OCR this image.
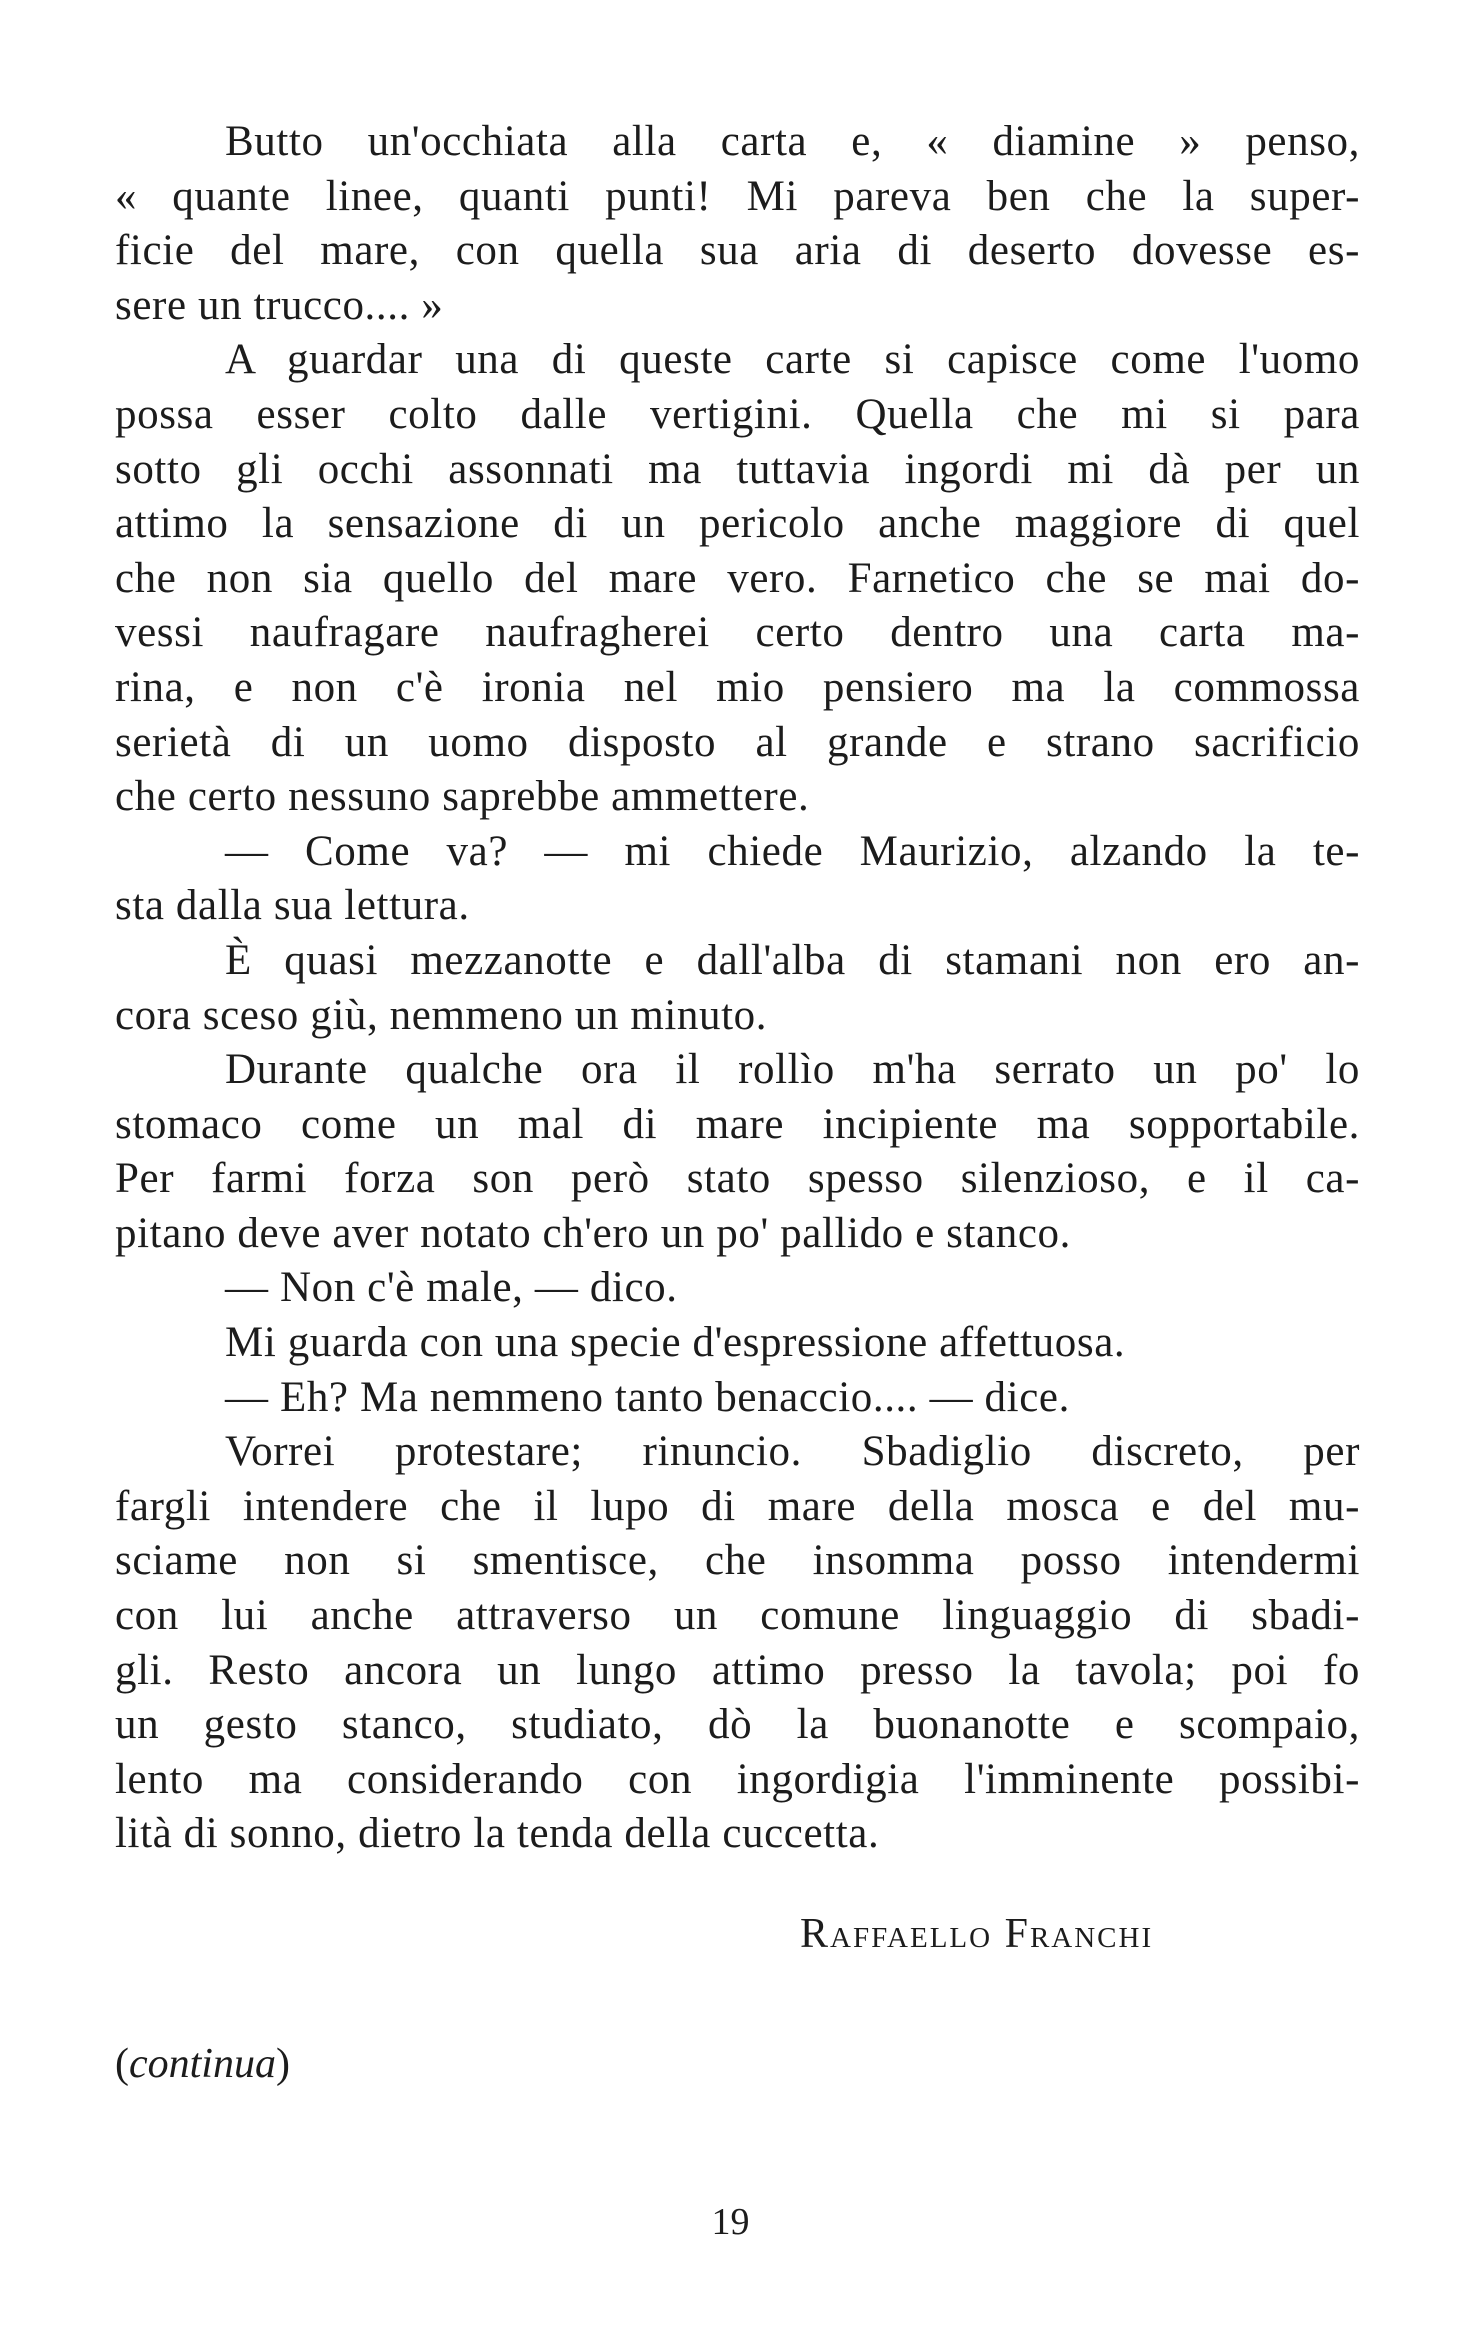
Butto un'occhiata alla carta e, « diamine » penso,
« quante linee, quanti punti! Mi pareva ben che la super-
ficie del mare, con quella sua aria di deserto dovesse es-
sere un trucco.... »
A guardar una di queste carte si capisce come l'uomo
possa esser colto dalle vertigini. Quella che mi si para
sotto gli occhi assonnati ma tuttavia ingordi mi dà per un
attimo la sensazione di un pericolo anche maggiore di quel
che non sia quello del mare vero. Farnetico che se mai do-
vessi naufragare naufragherei certo dentro una carta ma-
rina, e non c'è ironia nel mio pensiero ma la commossa
serietà di un uomo disposto al grande e strano sacrificio
che certo nessuno saprebbe ammettere.
— Come va? — mi chiede Maurizio, alzando la te-
sta dalla sua lettura.
È quasi mezzanotte e dall'alba di stamani non ero an-
cora sceso giù, nemmeno un minuto.
Durante qualche ora il rollìo m'ha serrato un po' lo
stomaco come un mal di mare incipiente ma sopportabile.
Per farmi forza son però stato spesso silenzioso, e il ca-
pitano deve aver notato ch'ero un po' pallido e stanco.
— Non c'è male, — dico.
Mi guarda con una specie d'espressione affettuosa.
— Eh? Ma nemmeno tanto benaccio.... — dice.
Vorrei protestare; rinuncio. Sbadiglio discreto, per
fargli intendere che il lupo di mare della mosca e del mu-
sciame non si smentisce, che insomma posso intendermi
con lui anche attraverso un comune linguaggio di sbadi-
gli. Resto ancora un lungo attimo presso la tavola; poi fo
un gesto stanco, studiato, dò la buonanotte e scompaio,
lento ma considerando con ingordigia l'imminente possibi-
lità di sonno, dietro la tenda della cuccetta.
Raffaello Franchi
(continua)
19
